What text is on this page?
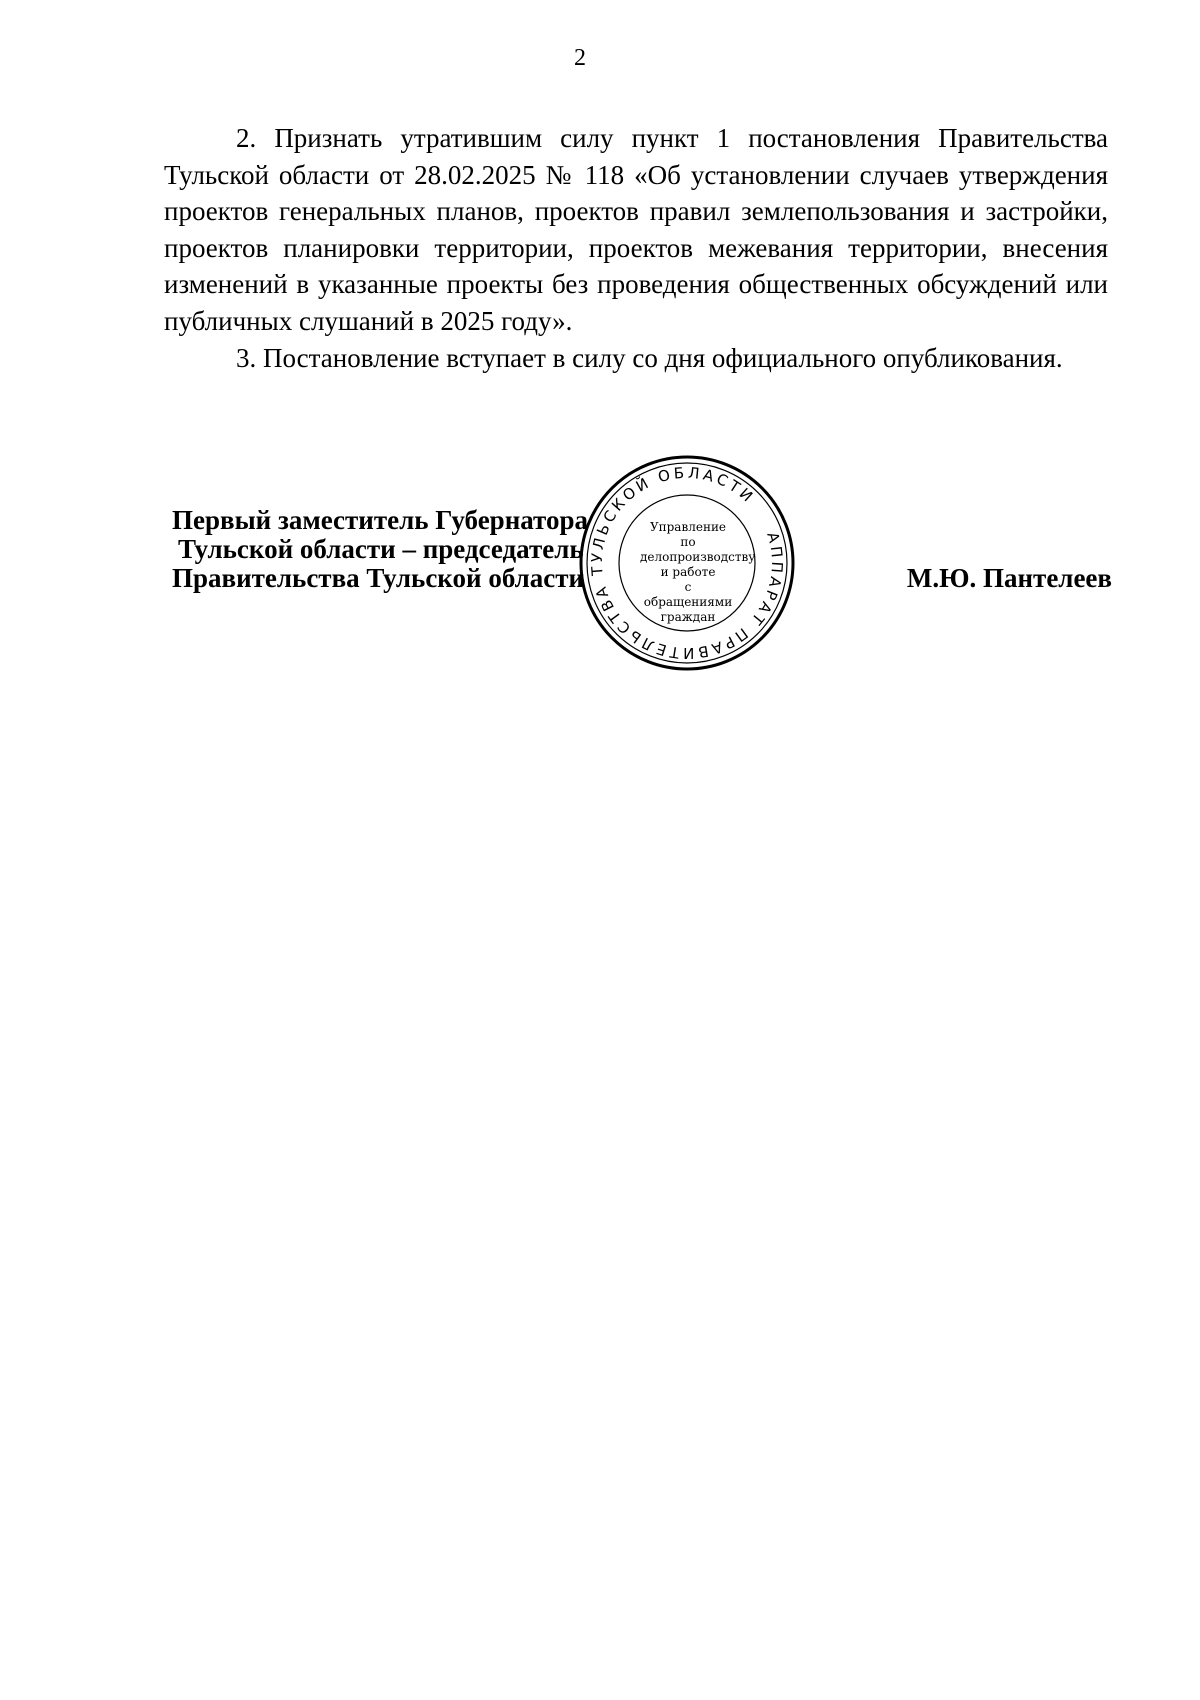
2

2. Признать утратившим силу пункт 1 постановления Правительства Тульской области от 28.02.2025 № 118 «Об установлении случаев утверждения проектов генеральных планов, проектов правил землепользования и застройки, проектов планировки территории, проектов межевания территории, внесения изменений в указанные проекты без проведения общественных обсуждений или публичных слушаний в 2025 году».

3. Постановление вступает в силу со дня официального опубликования.

Первый заместитель Губернатора
Тульской области – председатель
Правительства Тульской области	М.Ю. Пантелеев
АППАРАТ ПРАВИТЕЛЬСТВА ТУЛЬСКОЙ ОБЛАСТИ
Управление
по делопроизводству
и работе
с обращениями
граждан
